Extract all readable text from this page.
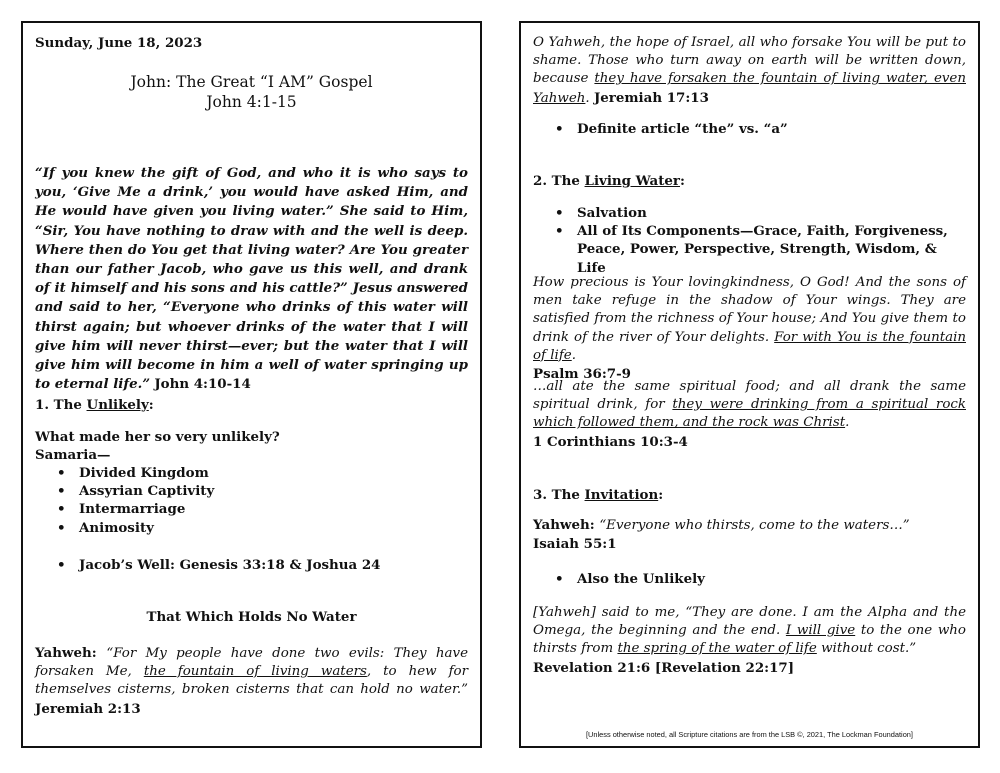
Sunday, June 18, 2023

John: The Great “I AM” Gospel

John 4:1-15

“If you knew the gift of God, and who it is who says to you, ‘Give Me a drink,’ you would have asked Him, and He would have given you living water.” She said to Him, “Sir, You have nothing to draw with and the well is deep. Where then do You get that living water? Are You greater than our father Jacob, who gave us this well, and drank of it himself and his sons and his cattle?” Jesus answered and said to her, “Everyone who drinks of this water will thirst again; but whoever drinks of the water that I will give him will never thirst—ever; but the water that I will give him will become in him a well of water springing up to eternal life.” John 4:10-14

1. The Unlikely:

What made her so very unlikely?

Samaria—

• Divided Kingdom
• Assyrian Captivity
• Intermarriage
• Animosity
• Jacob’s Well: Genesis 33:18 & Joshua 24

That Which Holds No Water

Yahweh: “For My people have done two evils: They have forsaken Me, the fountain of living waters, to hew for themselves cisterns, broken cisterns that can hold no water.” Jeremiah 2:13

O Yahweh, the hope of Israel, all who forsake You will be put to shame. Those who turn away on earth will be written down, because they have forsaken the fountain of living water, even Yahweh. Jeremiah 17:13

• Definite article “the” vs. “a”

2. The Living Water:

• Salvation
• All of Its Components—Grace, Faith, Forgiveness, Peace, Power, Perspective, Strength, Wisdom, & Life

How precious is Your lovingkindness, O God! And the sons of men take refuge in the shadow of Your wings. They are satisfied from the richness of Your house; And You give them to drink of the river of Your delights. For with You is the fountain of life.
Psalm 36:7-9

…all ate the same spiritual food; and all drank the same spiritual drink, for they were drinking from a spiritual rock which followed them, and the rock was Christ.
1 Corinthians 10:3-4

3. The Invitation:

Yahweh: “Everyone who thirsts, come to the waters…”
Isaiah 55:1

• Also the Unlikely

[Yahweh] said to me, “They are done. I am the Alpha and the Omega, the beginning and the end. I will give to the one who thirsts from the spring of the water of life without cost.”
Revelation 21:6 [Revelation 22:17]

[Unless otherwise noted, all Scripture citations are from the LSB ©, 2021, The Lockman Foundation]
